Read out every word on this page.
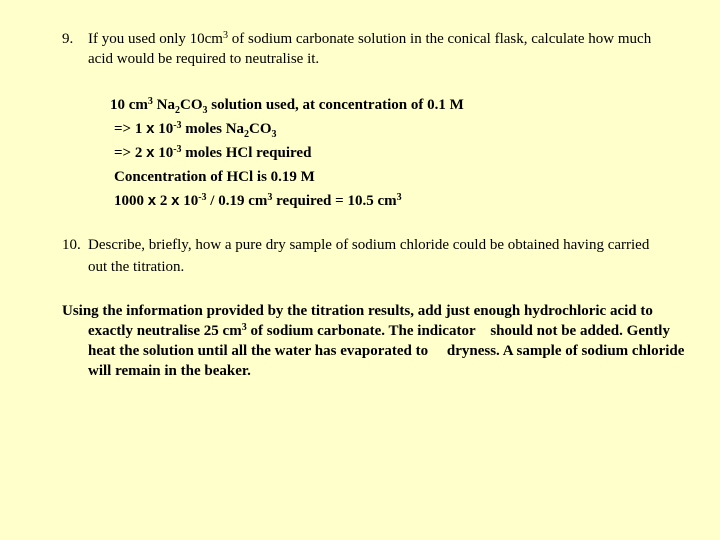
9. If you used only $10cm^3$ of sodium carbonate solution in the conical flask, calculate how much acid would be required to neutralise it.
10 $cm^3$ $Na_2CO_3$ solution used, at concentration of 0.1 M
=> 1 x $10^{-3}$ moles $Na_2CO_3$
=> 2 x $10^{-3}$ moles HCl required
Concentration of HCl is 0.19 M
1000 x 2 x $10^{-3} / 0.19$ $cm^3$ required = 10.5 $cm^3$
10. Describe, briefly, how a pure dry sample of sodium chloride could be obtained having carried out the titration.
Using the information provided by the titration results, add just enough hydrochloric acid to exactly neutralise 25 $cm^3$ of sodium carbonate. The indicator    should not be added. Gently heat the solution until all the water has evaporated to     dryness. A sample of sodium chloride will remain in the beaker.
